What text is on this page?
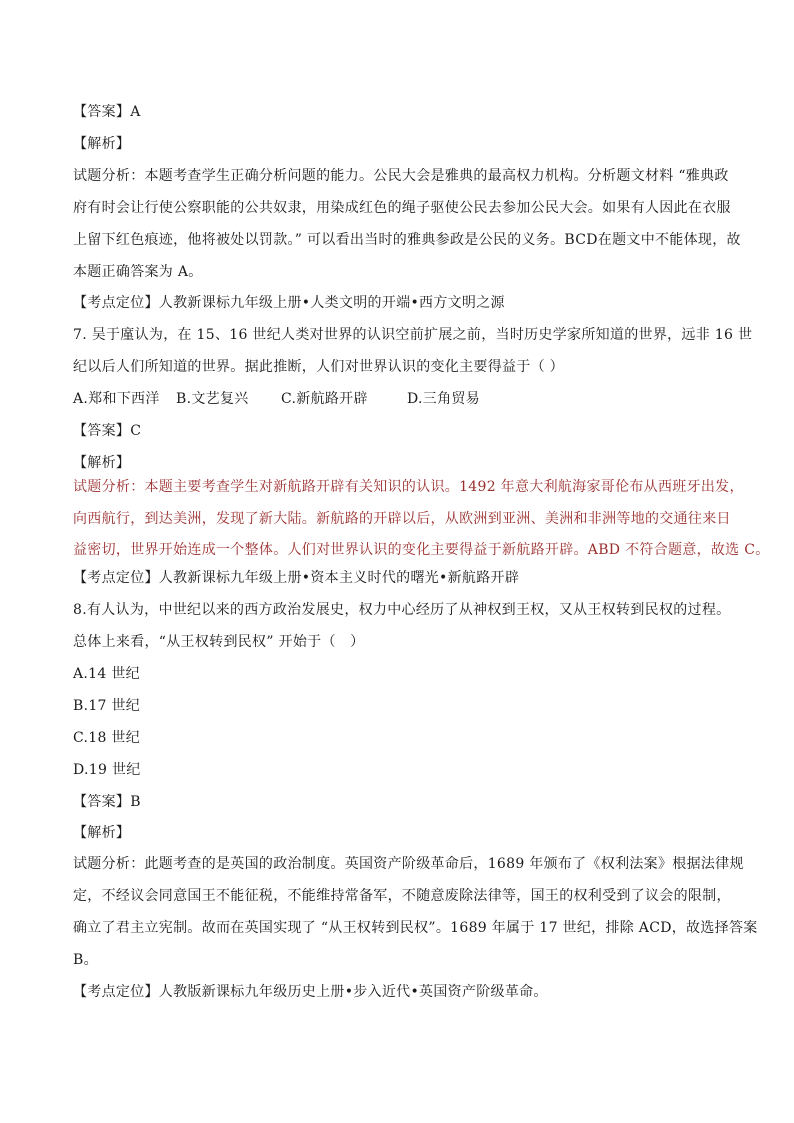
【答案】A
【解析】
试题分析：本题考查学生正确分析问题的能力。公民大会是雅典的最高权力机构。分析题文材料 “雅典政
府有时会让行使公察职能的公共奴隶，用染成红色的绳子驱使公民去参加公民大会。如果有人因此在衣服
上留下红色痕迹，他将被处以罚款。” 可以看出当时的雅典参政是公民的义务。BCD在题文中不能体现，故
本题正确答案为 A。
【考点定位】人教新课标九年级上册•人类文明的开端•西方文明之源
7. 吴于廑认为，在 15、16 世纪人类对世界的认识空前扩展之前，当时历史学家所知道的世界，远非 16 世
纪以后人们所知道的世界。据此推断，人们对世界认识的变化主要得益于（ ）
A.郑和下西洋 B.文艺复兴 C.新航路开辟	D.三角贸易
【答案】C
【解析】
试题分析：本题主要考查学生对新航路开辟有关知识的认识。1492 年意大利航海家哥伦布从西班牙出发，
向西航行，到达美洲，发现了新大陆。新航路的开辟以后，从欧洲到亚洲、美洲和非洲等地的交通往来日
益密切，世界开始连成一个整体。人们对世界认识的变化主要得益于新航路开辟。ABD 不符合题意，故选 C。
【考点定位】人教新课标九年级上册•资本主义时代的曙光•新航路开辟
8.有人认为，中世纪以来的西方政治发展史，权力中心经历了从神权到王权，又从王权转到民权的过程。
总体上来看，“从王权转到民权” 开始于（　）
A.14 世纪
B.17 世纪
C.18 世纪
D.19 世纪
【答案】B
【解析】
试题分析：此题考查的是英国的政治制度。英国资产阶级革命后，1689 年颁布了《权利法案》根据法律规
定，不经议会同意国王不能征税，不能维持常备军，不随意废除法律等，国王的权利受到了议会的限制，
确立了君主立宪制。故而在英国实现了 “从王权转到民权”。1689 年属于 17 世纪，排除 ACD，故选择答案
B。
【考点定位】人教版新课标九年级历史上册•步入近代•英国资产阶级革命。
